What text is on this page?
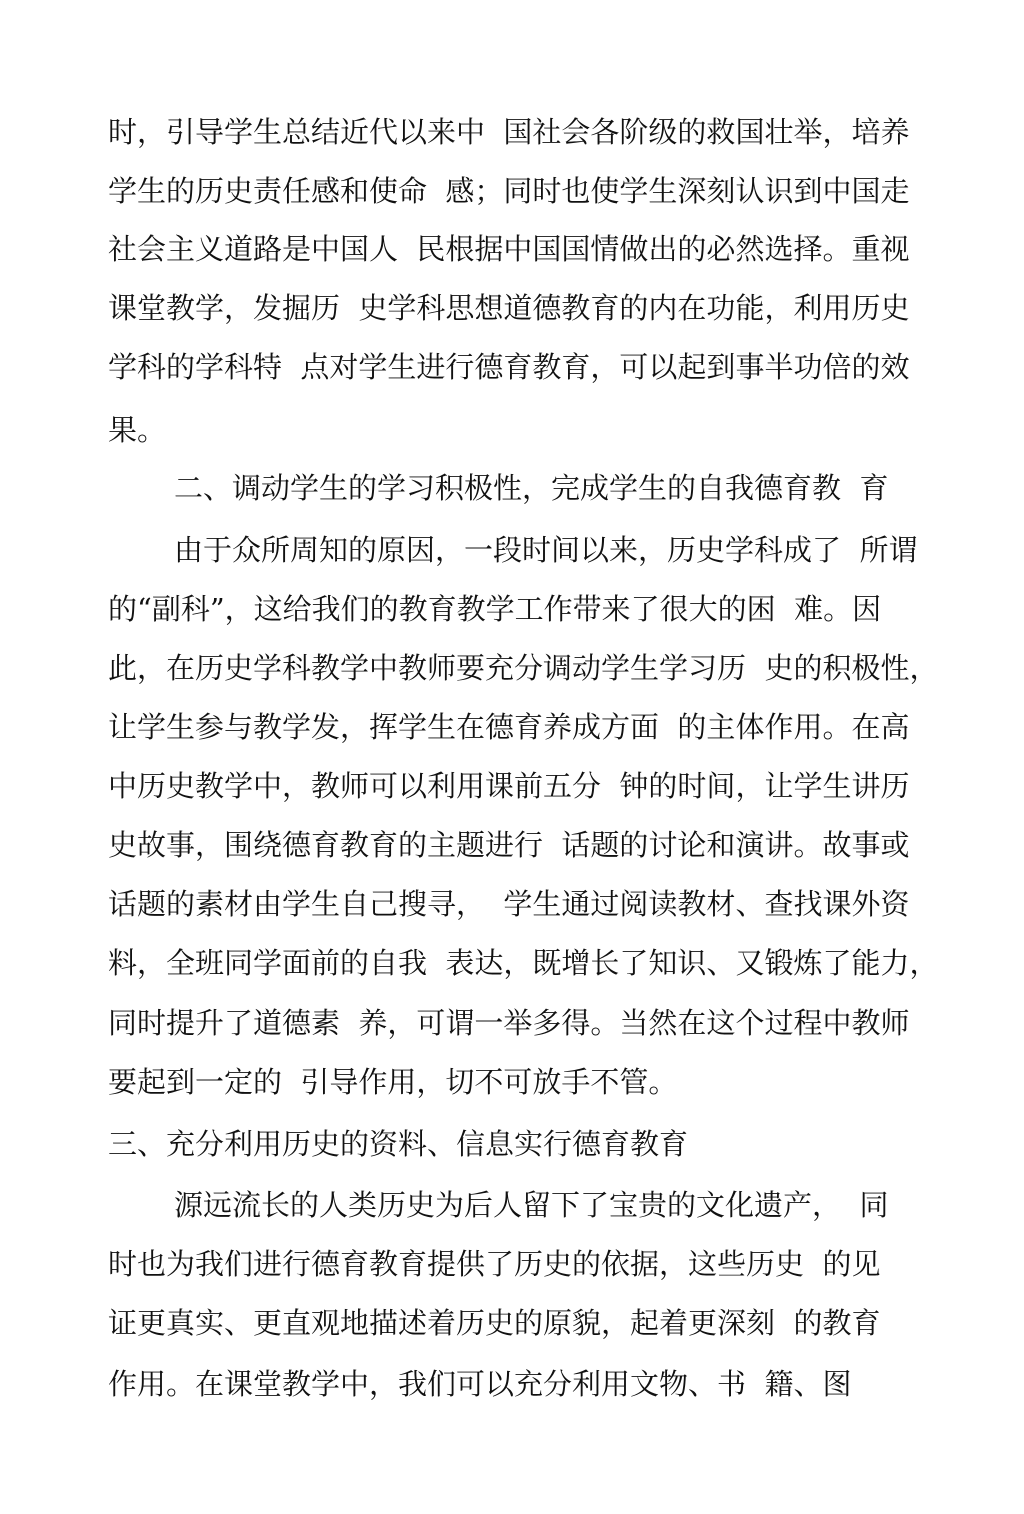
时，引导学生总结近代以来中  国社会各阶级的救国壮举，培养
学生的历史责任感和使命  感；同时也使学生深刻认识到中国走
社会主义道路是中国人  民根据中国国情做出的必然选择。重视
课堂教学，发掘历  史学科思想道德教育的内在功能，利用历史
学科的学科特  点对学生进行德育教育，可以起到事半功倍的效
果。
二、调动学生的学习积极性，完成学生的自我德育教  育
由于众所周知的原因，一段时间以来，历史学科成了  所谓
的“副科”，这给我们的教育教学工作带来了很大的困  难。因
此，在历史学科教学中教师要充分调动学生学习历  史的积极性，
让学生参与教学发，挥学生在德育养成方面  的主体作用。在高
中历史教学中，教师可以利用课前五分  钟的时间，让学生讲历
史故事，围绕德育教育的主题进行  话题的讨论和演讲。故事或
话题的素材由学生自己搜寻，  学生通过阅读教材、查找课外资
料，全班同学面前的自我  表达，既增长了知识、又锻炼了能力，
同时提升了道德素  养，可谓一举多得。当然在这个过程中教师
要起到一定的  引导作用，切不可放手不管。
三、充分利用历史的资料、信息实行德育教育
源远流长的人类历史为后人留下了宝贵的文化遗产，  同
时也为我们进行德育教育提供了历史的依据，这些历史  的见
证更真实、更直观地描述着历史的原貌，起着更深刻  的教育
作用。在课堂教学中，我们可以充分利用文物、书  籍、图
